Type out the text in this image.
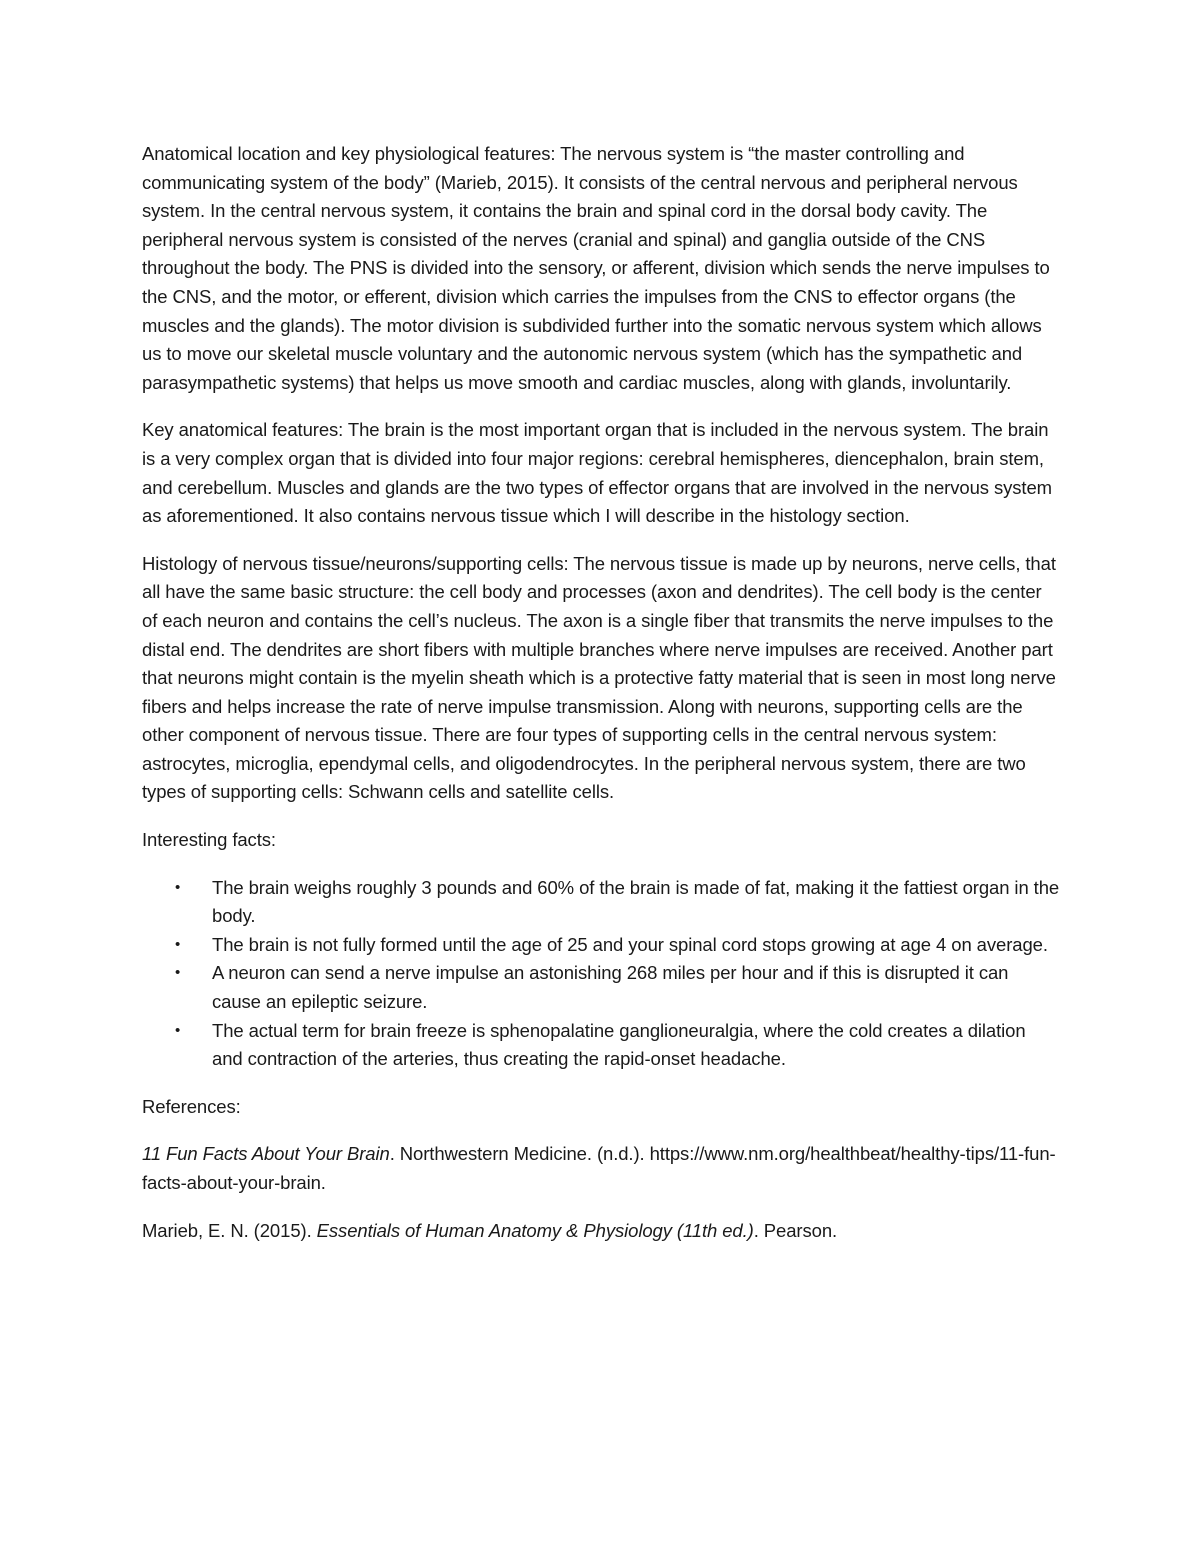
Anatomical location and key physiological features: The nervous system is “the master controlling and communicating system of the body” (Marieb, 2015). It consists of the central nervous and peripheral nervous system. In the central nervous system, it contains the brain and spinal cord in the dorsal body cavity. The peripheral nervous system is consisted of the nerves (cranial and spinal) and ganglia outside of the CNS throughout the body. The PNS is divided into the sensory, or afferent, division which sends the nerve impulses to the CNS, and the motor, or efferent, division which carries the impulses from the CNS to effector organs (the muscles and the glands). The motor division is subdivided further into the somatic nervous system which allows us to move our skeletal muscle voluntary and the autonomic nervous system (which has the sympathetic and parasympathetic systems) that helps us move smooth and cardiac muscles, along with glands, involuntarily.

Key anatomical features: The brain is the most important organ that is included in the nervous system. The brain is a very complex organ that is divided into four major regions: cerebral hemispheres, diencephalon, brain stem, and cerebellum. Muscles and glands are the two types of effector organs that are involved in the nervous system as aforementioned. It also contains nervous tissue which I will describe in the histology section.

Histology of nervous tissue/neurons/supporting cells: The nervous tissue is made up by neurons, nerve cells, that all have the same basic structure: the cell body and processes (axon and dendrites). The cell body is the center of each neuron and contains the cell’s nucleus. The axon is a single fiber that transmits the nerve impulses to the distal end. The dendrites are short fibers with multiple branches where nerve impulses are received. Another part that neurons might contain is the myelin sheath which is a protective fatty material that is seen in most long nerve fibers and helps increase the rate of nerve impulse transmission. Along with neurons, supporting cells are the other component of nervous tissue. There are four types of supporting cells in the central nervous system: astrocytes, microglia, ependymal cells, and oligodendrocytes. In the peripheral nervous system, there are two types of supporting cells: Schwann cells and satellite cells.

Interesting facts:

• The brain weighs roughly 3 pounds and 60% of the brain is made of fat, making it the fattiest organ in the body.
• The brain is not fully formed until the age of 25 and your spinal cord stops growing at age 4 on average.
• A neuron can send a nerve impulse an astonishing 268 miles per hour and if this is disrupted it can cause an epileptic seizure.
• The actual term for brain freeze is sphenopalatine ganglioneuralgia, where the cold creates a dilation and contraction of the arteries, thus creating the rapid-onset headache.

References:

11 Fun Facts About Your Brain. Northwestern Medicine. (n.d.). https://www.nm.org/healthbeat/healthy-tips/11-fun-facts-about-your-brain.

Marieb, E. N. (2015). Essentials of Human Anatomy & Physiology (11th ed.). Pearson.
